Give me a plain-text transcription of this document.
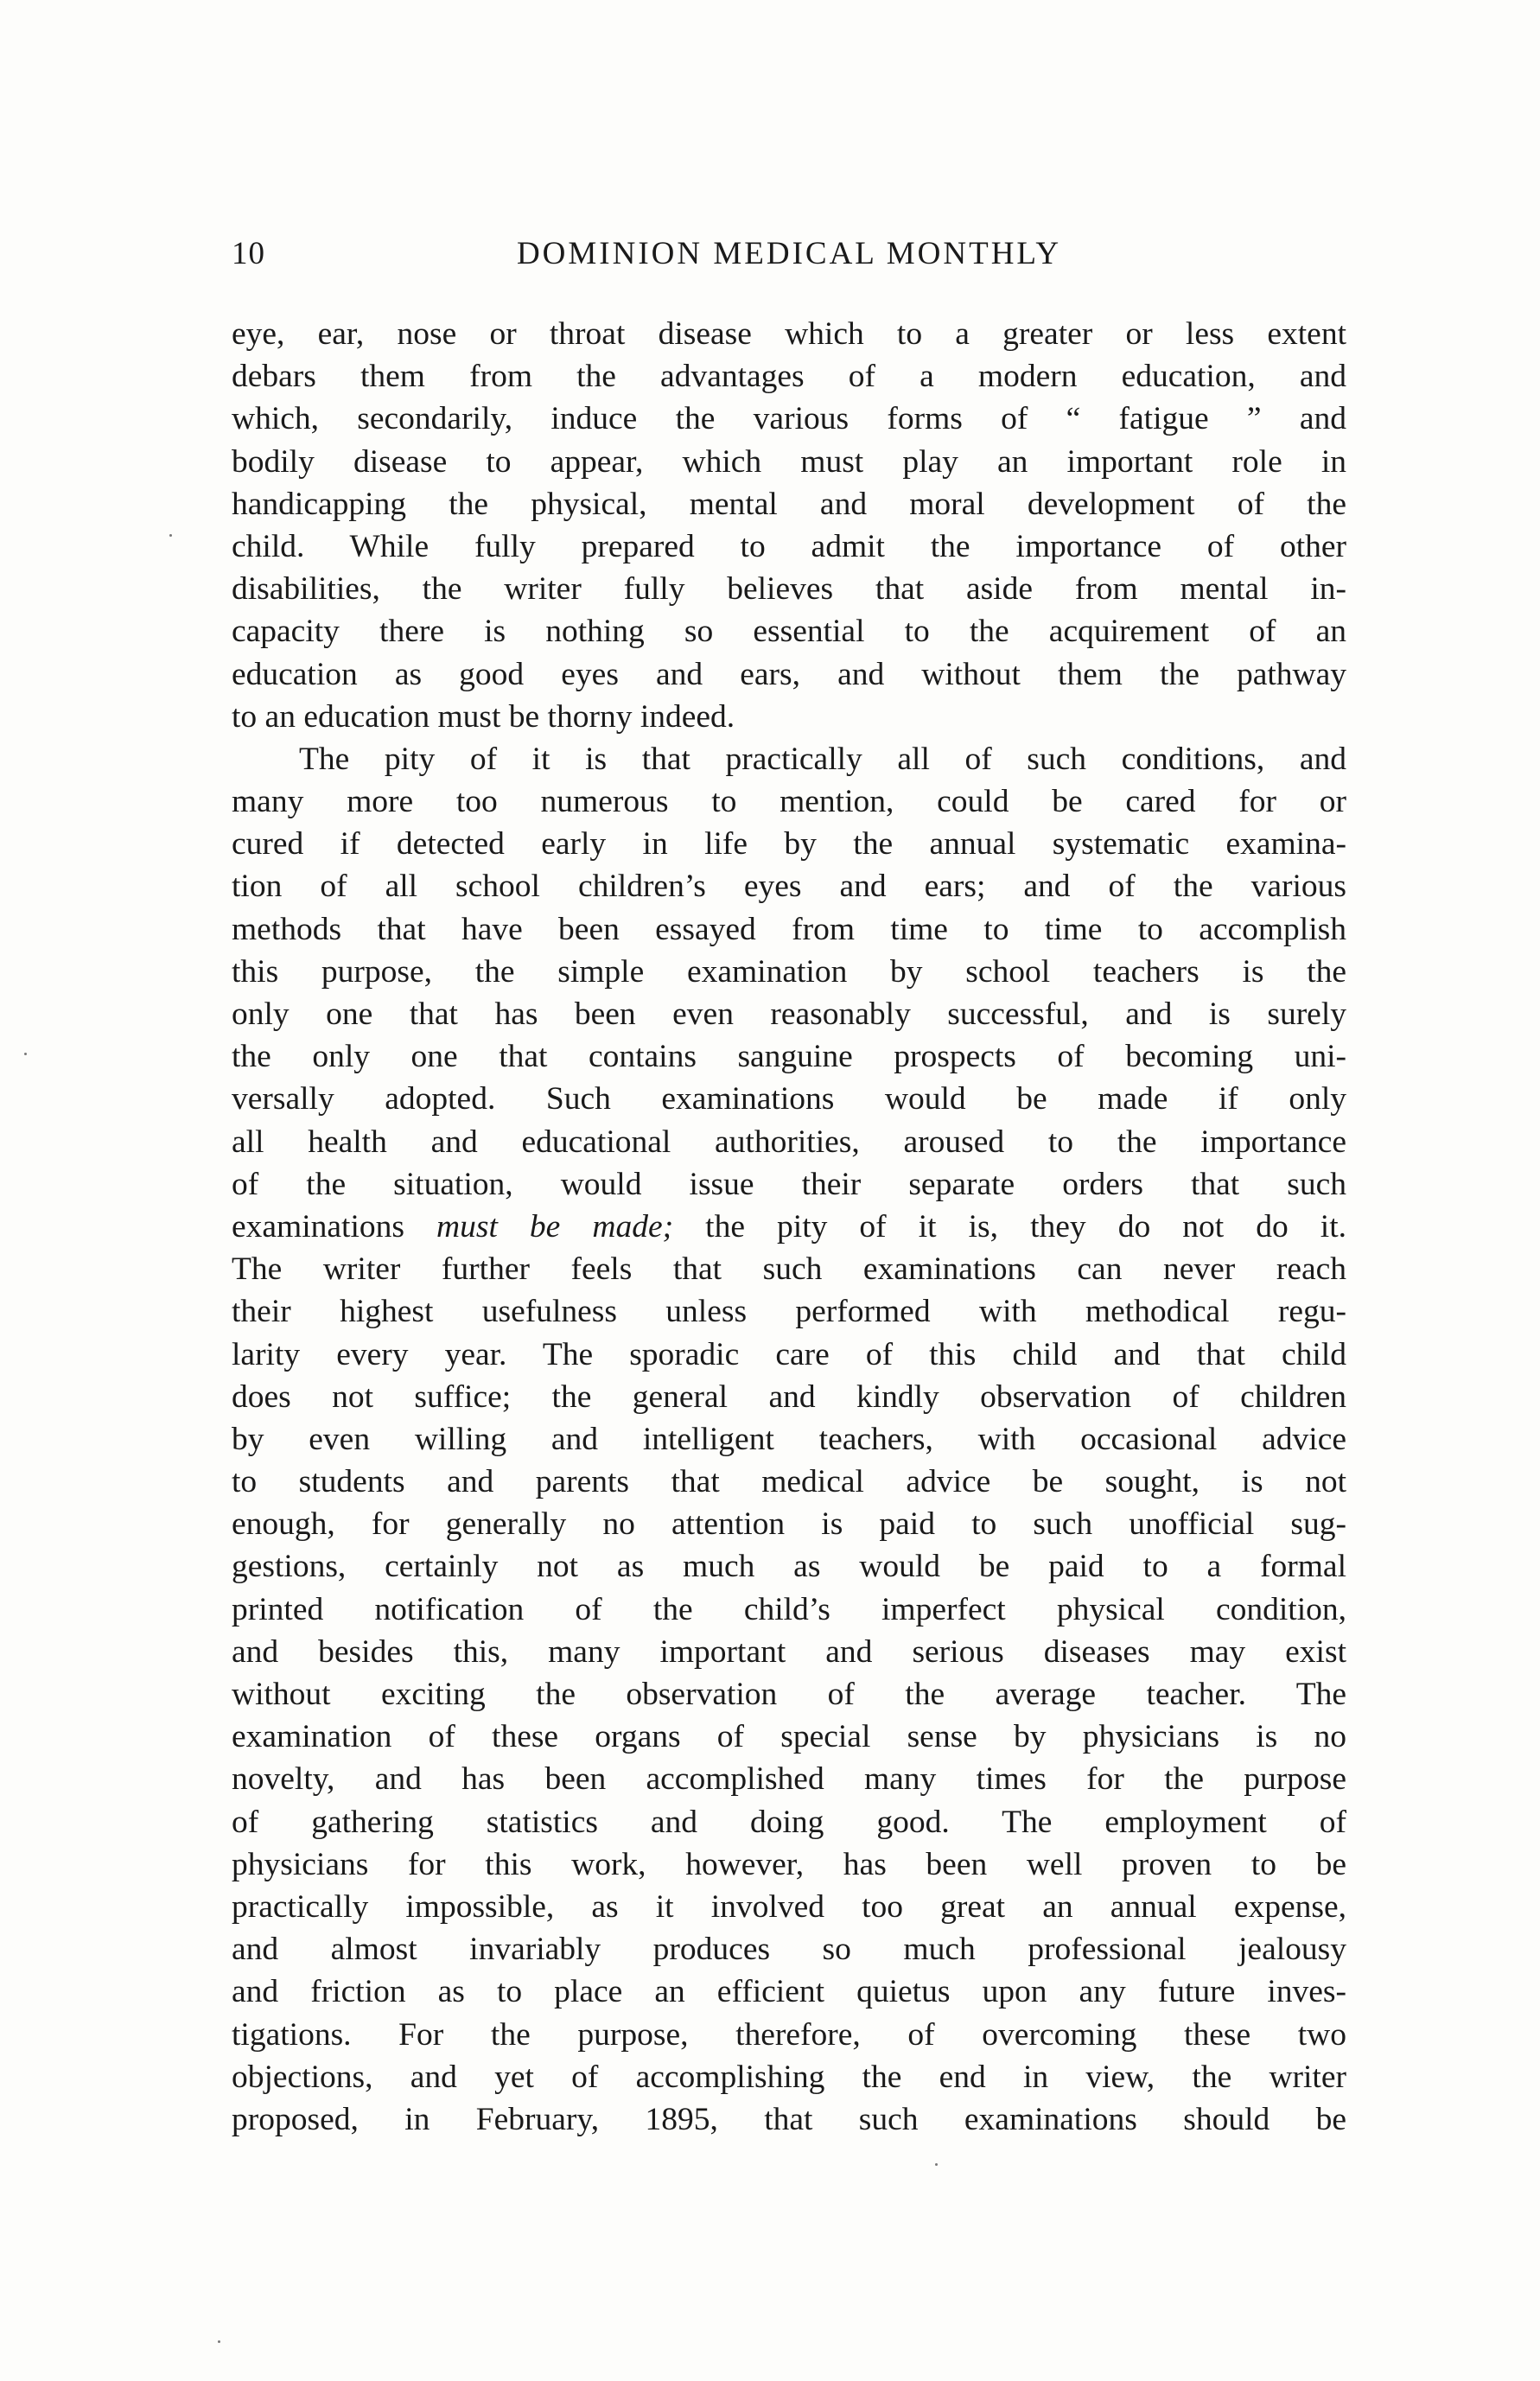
10	DOMINION MEDICAL MONTHLY
eye, ear, nose or throat disease which to a greater or less extent
debars them from the advantages of a modern education, and
which, secondarily, induce the various forms of “ fatigue ” and
bodily disease to appear, which must play an important role in
handicapping the physical, mental and moral development of the
child. While fully prepared to admit the importance of other
disabilities, the writer fully believes that aside from mental in-
capacity there is nothing so essential to the acquirement of an
education as good eyes and ears, and without them the pathway
to an education must be thorny indeed.
The pity of it is that practically all of such conditions, and
many more too numerous to mention, could be cared for or
cured if detected early in life by the annual systematic examina-
tion of all school children’s eyes and ears; and of the various
methods that have been essayed from time to time to accomplish
this purpose, the simple examination by school teachers is the
only one that has been even reasonably successful, and is surely
the only one that contains sanguine prospects of becoming uni-
versally adopted. Such examinations would be made if only
all health and educational authorities, aroused to the importance
of the situation, would issue their separate orders that such
examinations must be made; the pity of it is, they do not do it.
The writer further feels that such examinations can never reach
their highest usefulness unless performed with methodical regu-
larity every year. The sporadic care of this child and that child
does not suffice; the general and kindly observation of children
by even willing and intelligent teachers, with occasional advice
to students and parents that medical advice be sought, is not
enough, for generally no attention is paid to such unofficial sug-
gestions, certainly not as much as would be paid to a formal
printed notification of the child’s imperfect physical condition,
and besides this, many important and serious diseases may exist
without exciting the observation of the average teacher. The
examination of these organs of special sense by physicians is no
novelty, and has been accomplished many times for the purpose
of gathering statistics and doing good. The employment of
physicians for this work, however, has been well proven to be
practically impossible, as it involved too great an annual expense,
and almost invariably produces so much professional jealousy
and friction as to place an efficient quietus upon any future inves-
tigations. For the purpose, therefore, of overcoming these two
objections, and yet of accomplishing the end in view, the writer
proposed, in February, 1895, that such examinations should be
